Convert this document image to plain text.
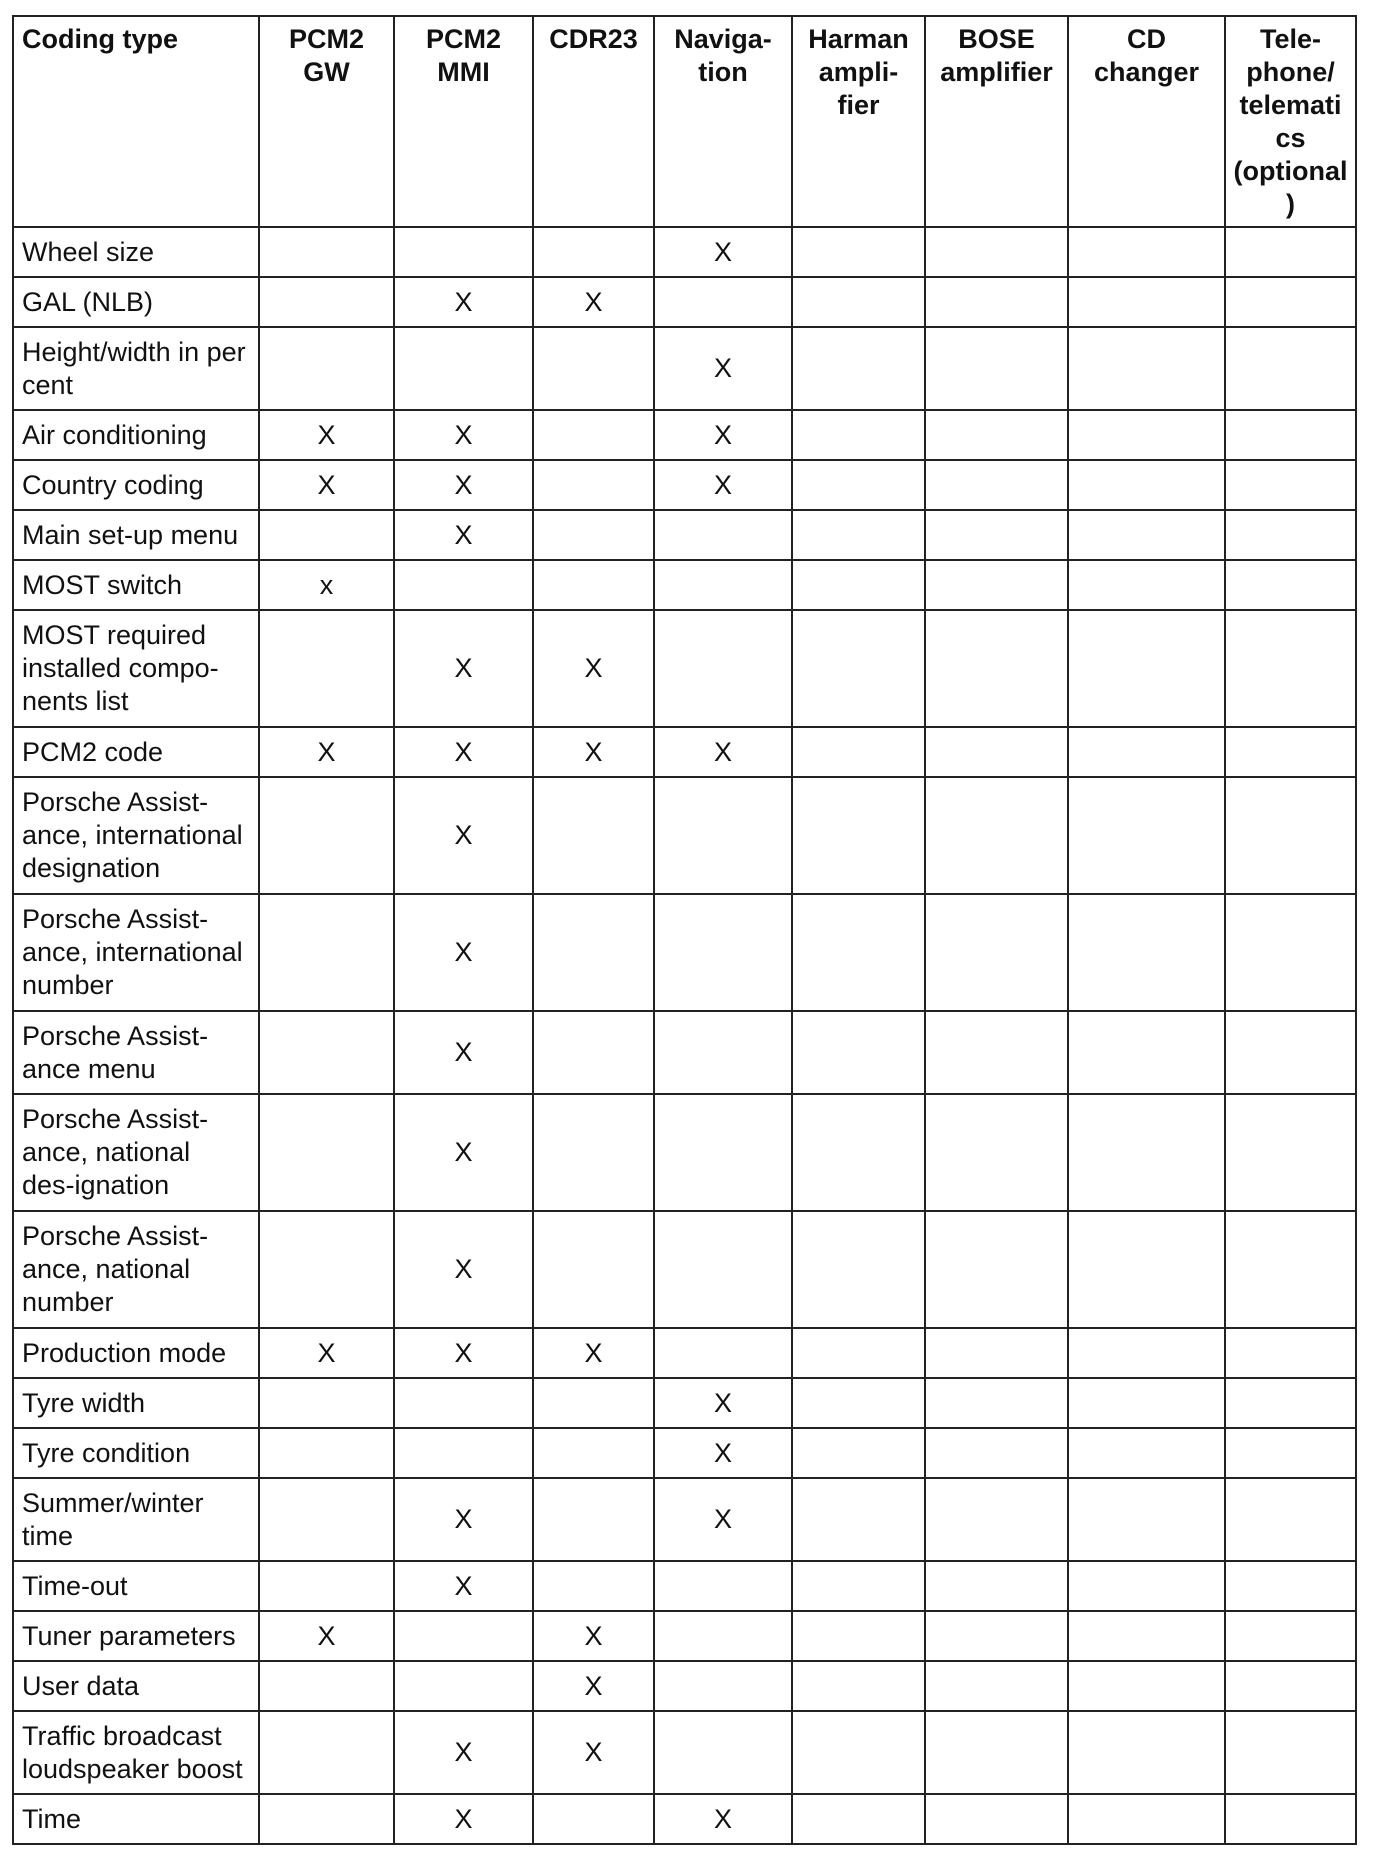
Coding type	PCM2 GW	PCM2 MMI	CDR23	Naviga-tion	Harman ampli-fier	BOSE amplifier	CD changer	Tele-phone/ telematics (optional)
Wheel size				X				
GAL (NLB)		X	X					
Height/width in per cent				X				
Air conditioning	X	X		X				
Country coding	X	X		X				
Main set-up menu		X						
MOST switch	x							
MOST required installed compo-nents list		X	X					
PCM2 code	X	X	X	X				
Porsche Assist-ance, international designation		X						
Porsche Assist-ance, international number		X						
Porsche Assist-ance menu		X						
Porsche Assist-ance, national des-ignation		X						
Porsche Assist-ance, national number		X						
Production mode	X	X	X					
Tyre width				X				
Tyre condition				X				
Summer/winter time		X		X				
Time-out		X						
Tuner parameters	X		X					
User data			X					
Traffic broadcast loudspeaker boost		X	X					
Time		X		X				
